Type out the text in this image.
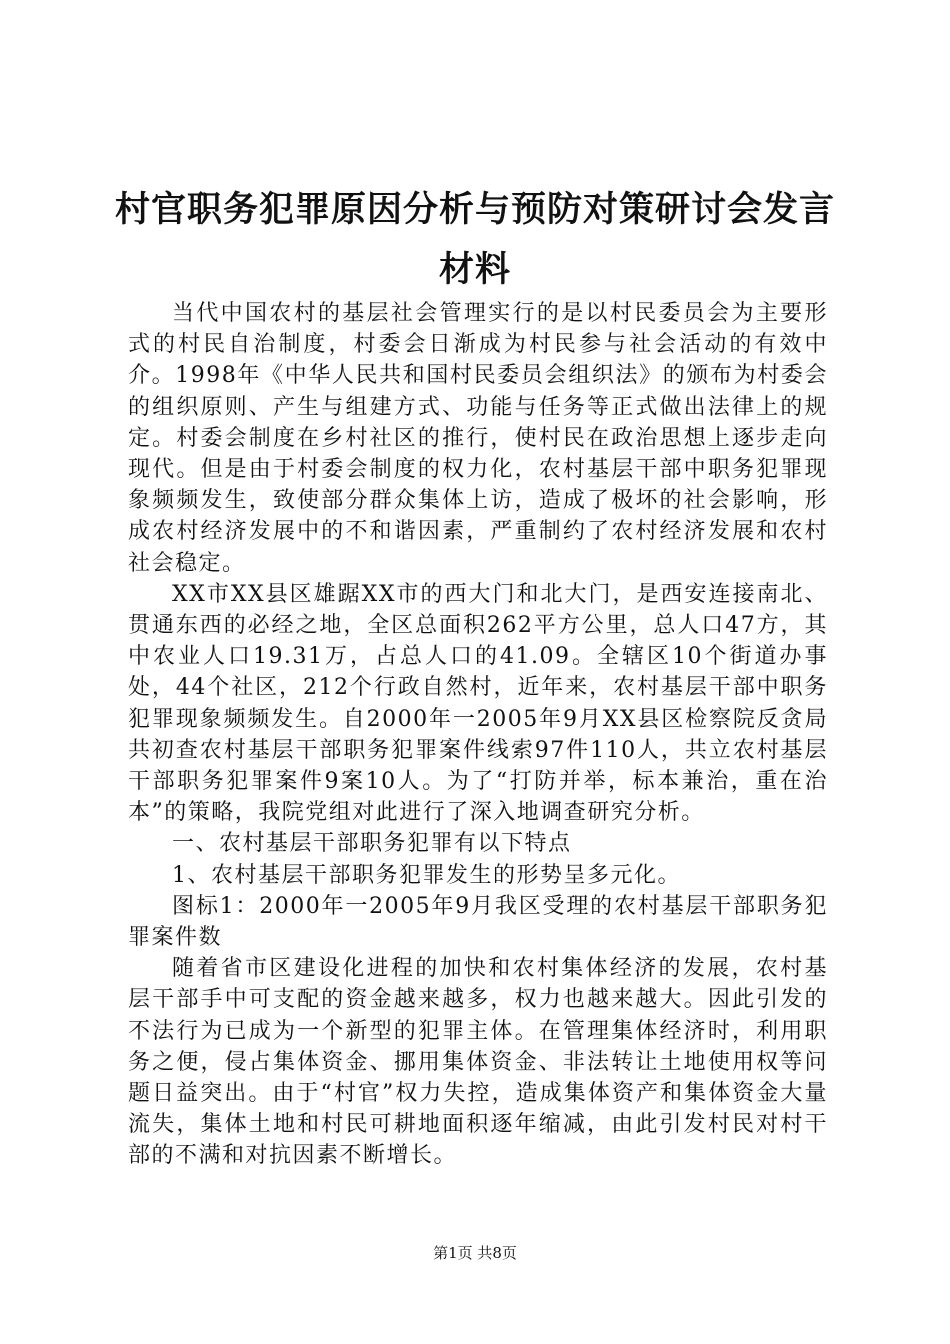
村官职务犯罪原因分析与预防对策研讨会发言
材料

当代中国农村的基层社会管理实行的是以村民委员会为主要形式的村民自治制度，村委会日渐成为村民参与社会活动的有效中介。1998年《中华人民共和国村民委员会组织法》的颁布为村委会的组织原则、产生与组建方式、功能与任务等正式做出法律上的规定。村委会制度在乡村社区的推行，使村民在政治思想上逐步走向现代。但是由于村委会制度的权力化，农村基层干部中职务犯罪现象频频发生，致使部分群众集体上访，造成了极坏的社会影响，形成农村经济发展中的不和谐因素，严重制约了农村经济发展和农村社会稳定。

XX市XX县区雄踞XX市的西大门和北大门，是西安连接南北、贯通东西的必经之地，全区总面积262平方公里，总人口47方，其中农业人口19.31万，占总人口的41.09。全辖区10个街道办事处，44个社区，212个行政自然村，近年来，农村基层干部中职务犯罪现象频频发生。自2000年一2005年9月XX县区检察院反贪局共初查农村基层干部职务犯罪案件线索97件110人，共立农村基层干部职务犯罪案件9案10人。为了“打防并举，标本兼治，重在治本”的策略，我院党组对此进行了深入地调查研究分析。

一、农村基层干部职务犯罪有以下特点

1、农村基层干部职务犯罪发生的形势呈多元化。

图标1：2000年一2005年9月我区受理的农村基层干部职务犯罪案件数

随着省市区建设化进程的加快和农村集体经济的发展，农村基层干部手中可支配的资金越来越多，权力也越来越大。因此引发的不法行为已成为一个新型的犯罪主体。在管理集体经济时，利用职务之便，侵占集体资金、挪用集体资金、非法转让土地使用权等问题日益突出。由于“村官”权力失控，造成集体资产和集体资金大量流失，集体土地和村民可耕地面积逐年缩减，由此引发村民对村干部的不满和对抗因素不断增长。

第1页 共8页
